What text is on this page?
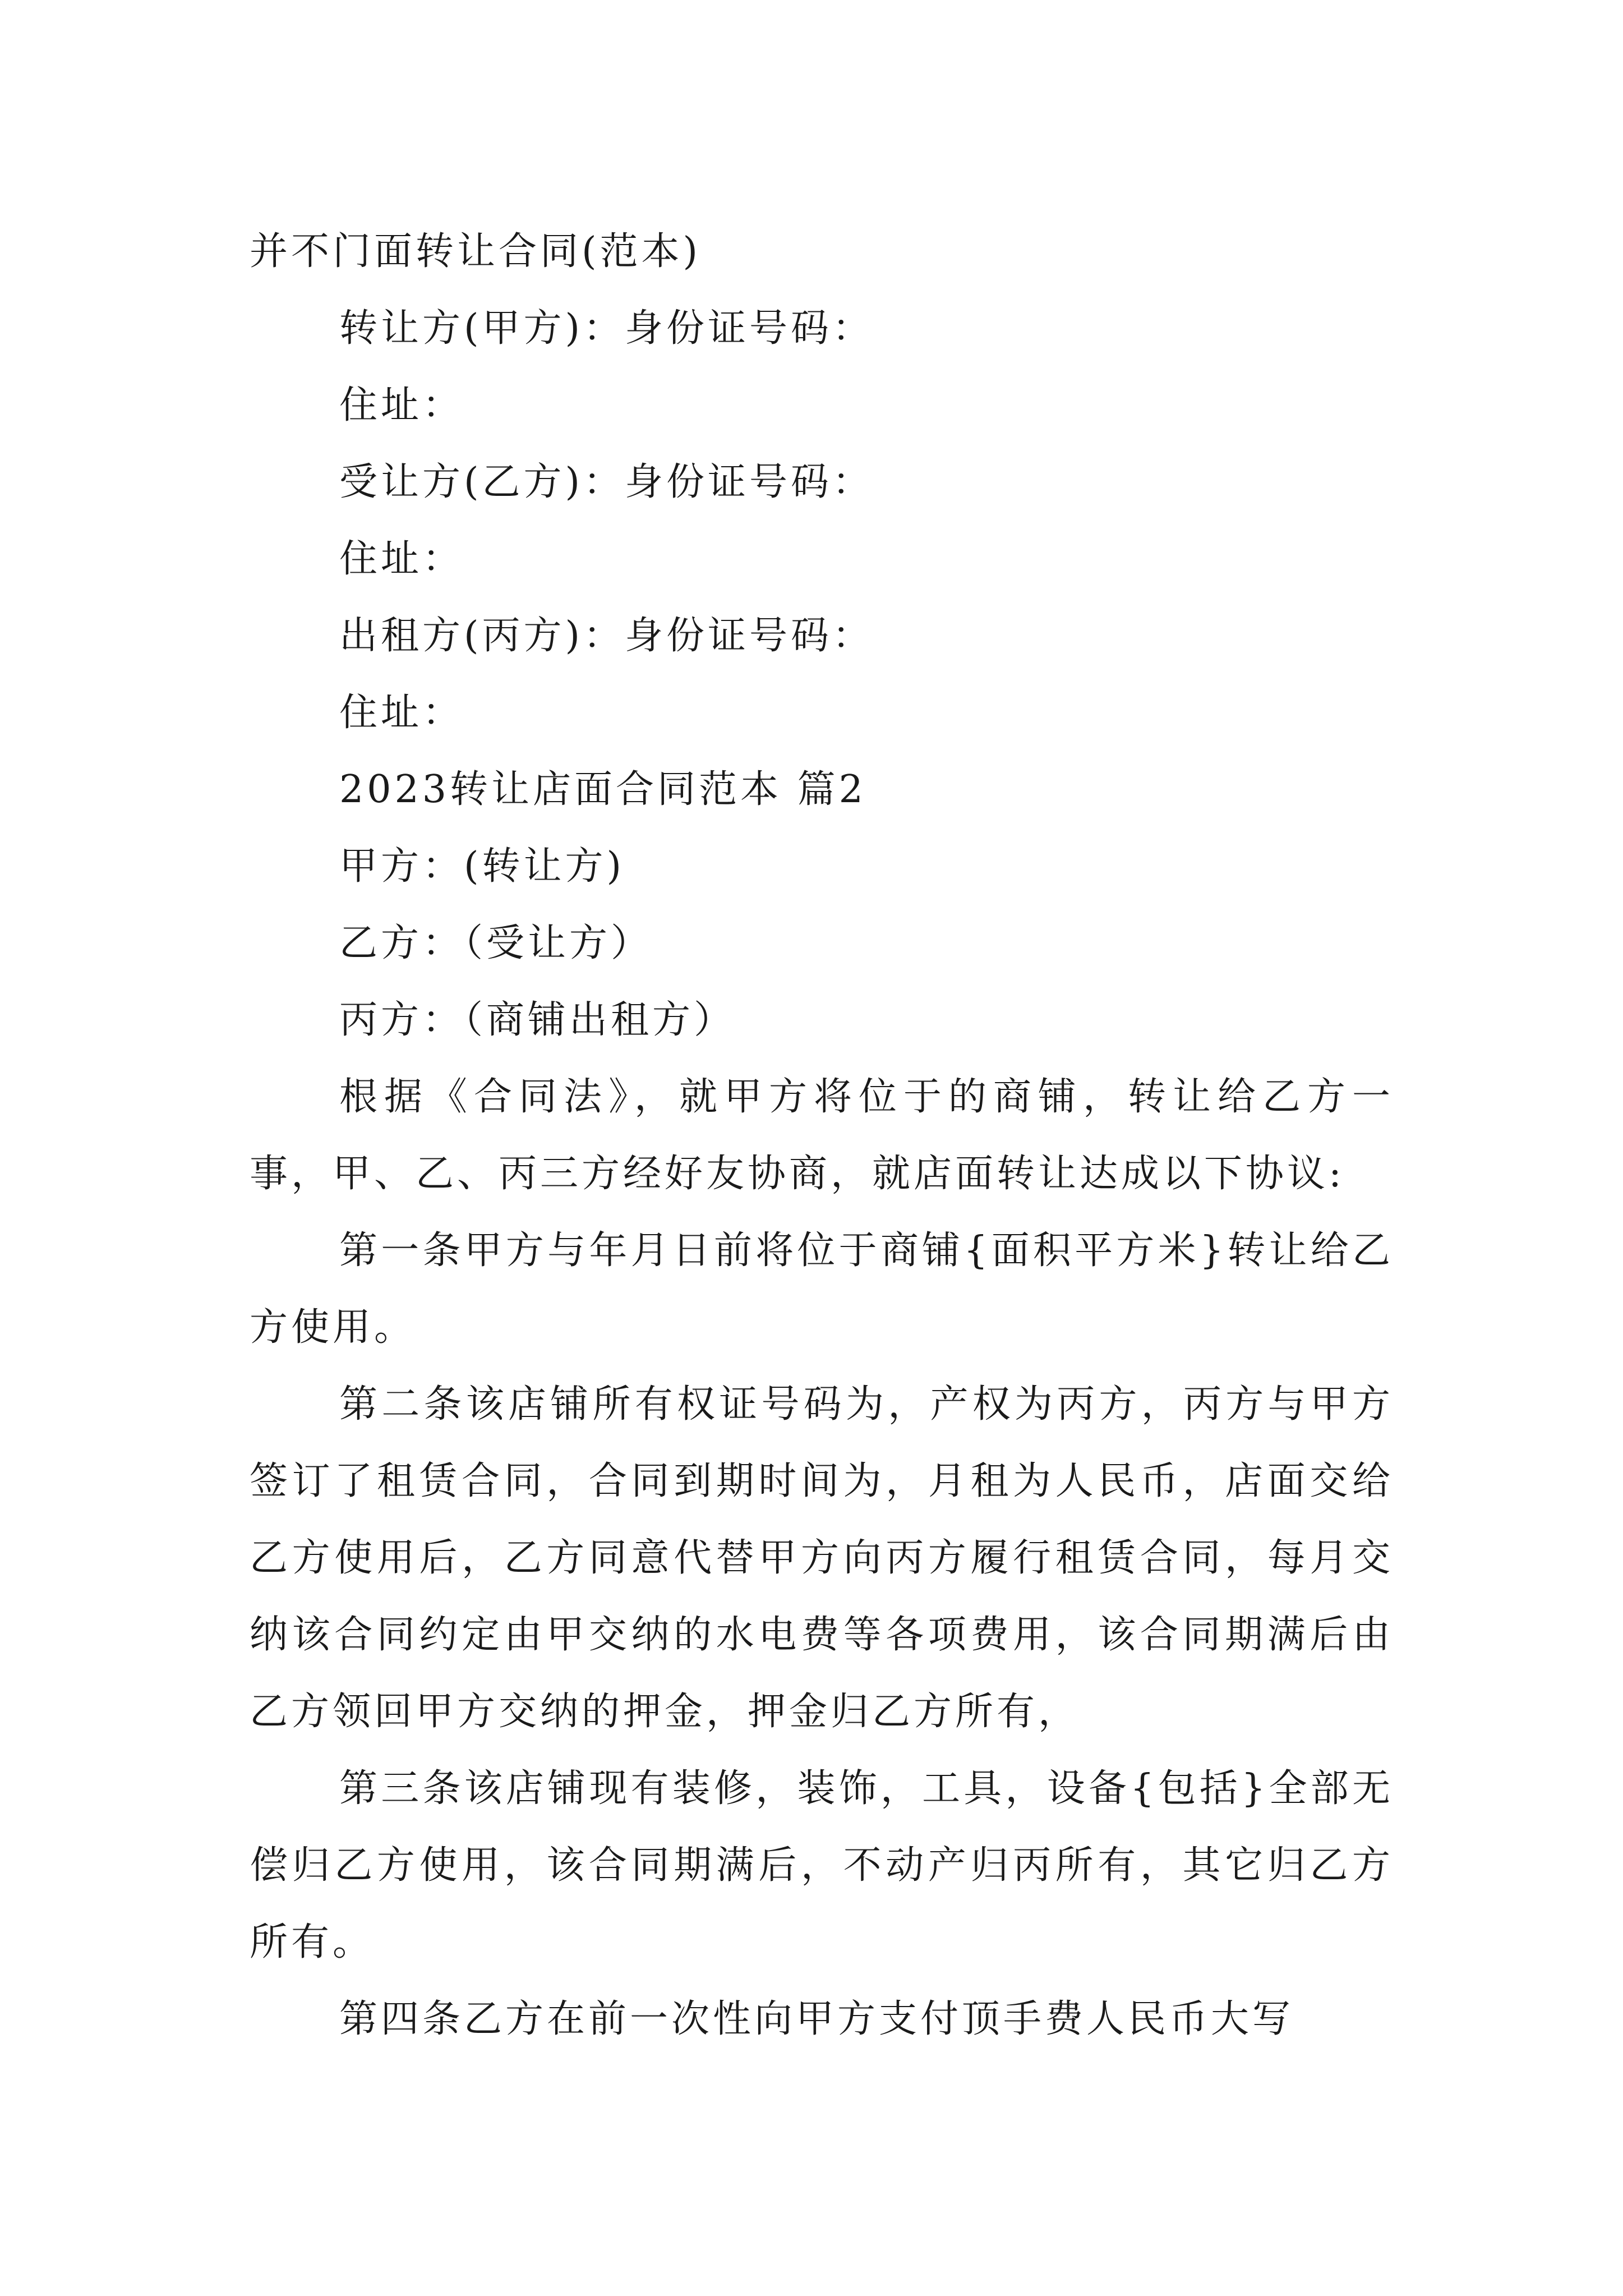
并不门面转让合同(范本)
转让方(甲方)：身份证号码：
住址：
受让方(乙方)：身份证号码：
住址：
出租方(丙方)：身份证号码：
住址：
2023转让店面合同范本 篇2
甲方：(转让方)
乙方：（受让方）
丙方：（商铺出租方）

根据《合同法》，就甲方将位于的商铺，转让给乙方一事，甲、乙、丙三方经好友协商，就店面转让达成以下协议:

第一条甲方与年月日前将位于商铺{面积平方米}转让给乙方使用。

第二条该店铺所有权证号码为，产权为丙方，丙方与甲方签订了租赁合同，合同到期时间为，月租为人民币，店面交给乙方使用后，乙方同意代替甲方向丙方履行租赁合同，每月交纳该合同约定由甲交纳的水电费等各项费用，该合同期满后由乙方领回甲方交纳的押金，押金归乙方所有，

第三条该店铺现有装修，装饰，工具，设备{包括}全部无偿归乙方使用，该合同期满后，不动产归丙所有，其它归乙方所有。

第四条乙方在前一次性向甲方支付顶手费人民币大写
